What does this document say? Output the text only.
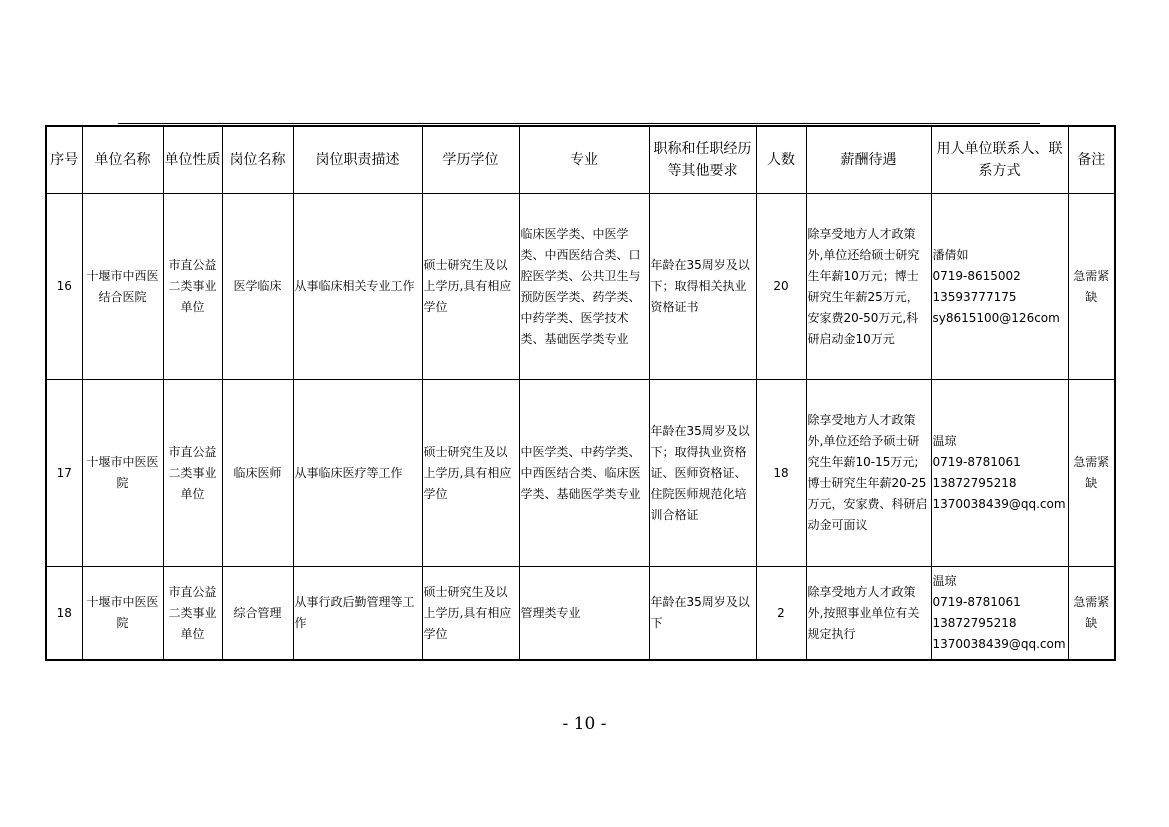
序号	单位名称	单位性质	岗位名称	岗位职责描述	学历学位	专业	职称和任职经历等其他要求	人数	薪酬待遇	用人单位联系人、联系方式	备注
16	十堰市中西医结合医院	市直公益二类事业单位	医学临床	从事临床相关专业工作	硕士研究生及以上学历,具有相应学位	临床医学类、中医学类、中西医结合类、口腔医学类、公共卫生与预防医学类、药学类、中药学类、医学技术类、基础医学类专业	年龄在35周岁及以下；取得相关执业资格证书	20	除享受地方人才政策外,单位还给硕士研究生年薪10万元；博士研究生年薪25万元，安家费20-50万元,科研启动金10万元	潘倩如
0719-8615002
13593777175
sy8615100@126com	急需紧缺
17	十堰市中医医院	市直公益二类事业单位	临床医师	从事临床医疗等工作	硕士研究生及以上学历,具有相应学位	中医学类、中药学类、中西医结合类、临床医学类、基础医学类专业	年龄在35周岁及以下；取得执业资格证、医师资格证、住院医师规范化培训合格证	18	除享受地方人才政策外,单位还给予硕士研究生年薪10-15万元;博士研究生年薪20-25万元，安家费、科研启动金可面议	温琼
0719-8781061
13872795218
1370038439@qq.com	急需紧缺
18	十堰市中医医院	市直公益二类事业单位	综合管理	从事行政后勤管理等工作	硕士研究生及以上学历,具有相应学位	管理类专业	年龄在35周岁及以下	2	除享受地方人才政策外,按照事业单位有关规定执行	温琼
0719-8781061
13872795218
1370038439@qq.com	急需紧缺
- 10 -
